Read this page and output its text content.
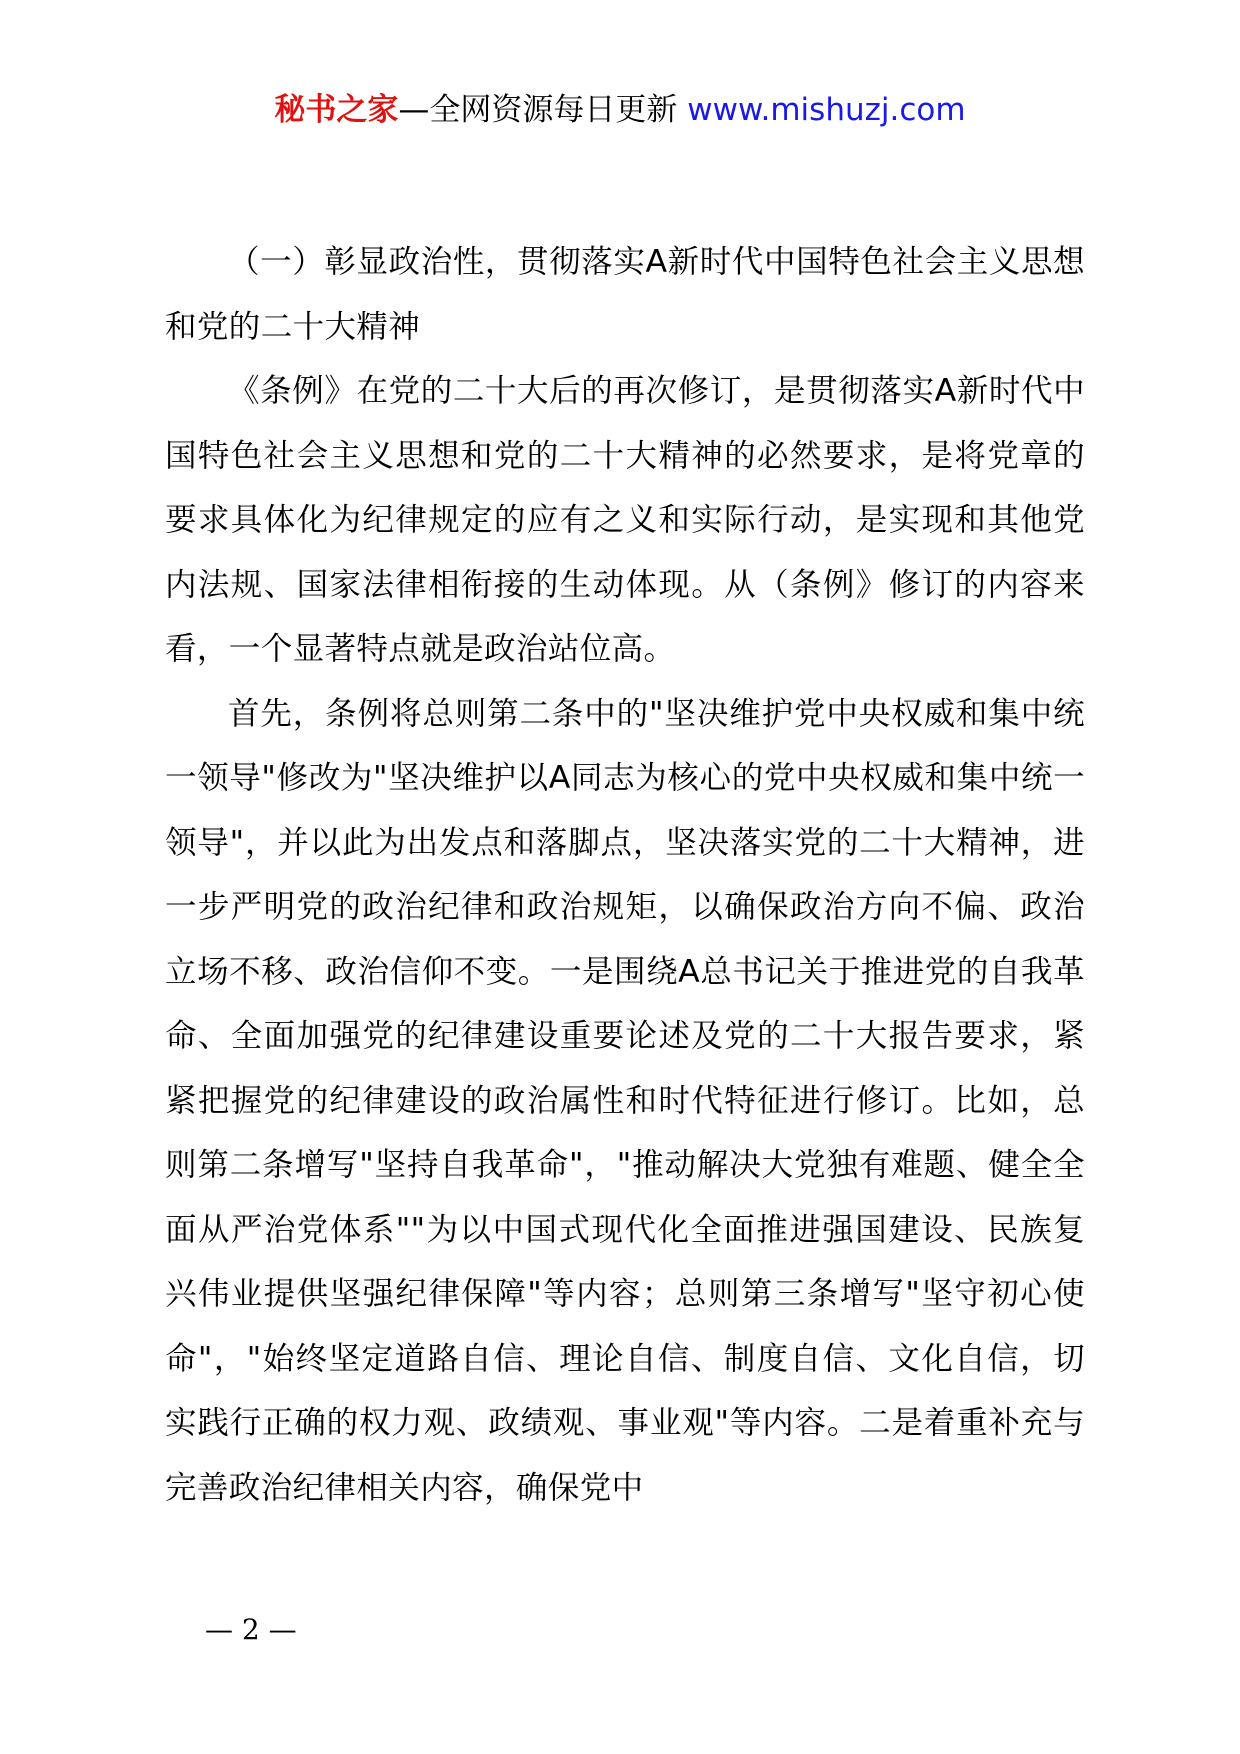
秘书之家—全网资源每日更新 www.mishuzj.com

（一）彰显政治性，贯彻落实A新时代中国特色社会主义思想和党的二十大精神

《条例》在党的二十大后的再次修订，是贯彻落实A新时代中国特色社会主义思想和党的二十大精神的必然要求，是将党章的要求具体化为纪律规定的应有之义和实际行动，是实现和其他党内法规、国家法律相衔接的生动体现。从（条例》修订的内容来看，一个显著特点就是政治站位高。

首先，条例将总则第二条中的"坚决维护党中央权威和集中统一领导"修改为"坚决维护以A同志为核心的党中央权威和集中统一领导"，并以此为出发点和落脚点，坚决落实党的二十大精神，进一步严明党的政治纪律和政治规矩，以确保政治方向不偏、政治立场不移、政治信仰不变。一是围绕A总书记关于推进党的自我革命、全面加强党的纪律建设重要论述及党的二十大报告要求，紧紧把握党的纪律建设的政治属性和时代特征进行修订。比如，总则第二条增写"坚持自我革命"，"推动解决大党独有难题、健全全面从严治党体系""为以中国式现代化全面推进强国建设、民族复兴伟业提供坚强纪律保障"等内容；总则第三条增写"坚守初心使命"，"始终坚定道路自信、理论自信、制度自信、文化自信，切实践行正确的权力观、政绩观、事业观"等内容。二是着重补充与完善政治纪律相关内容，确保党中

— 2 —
